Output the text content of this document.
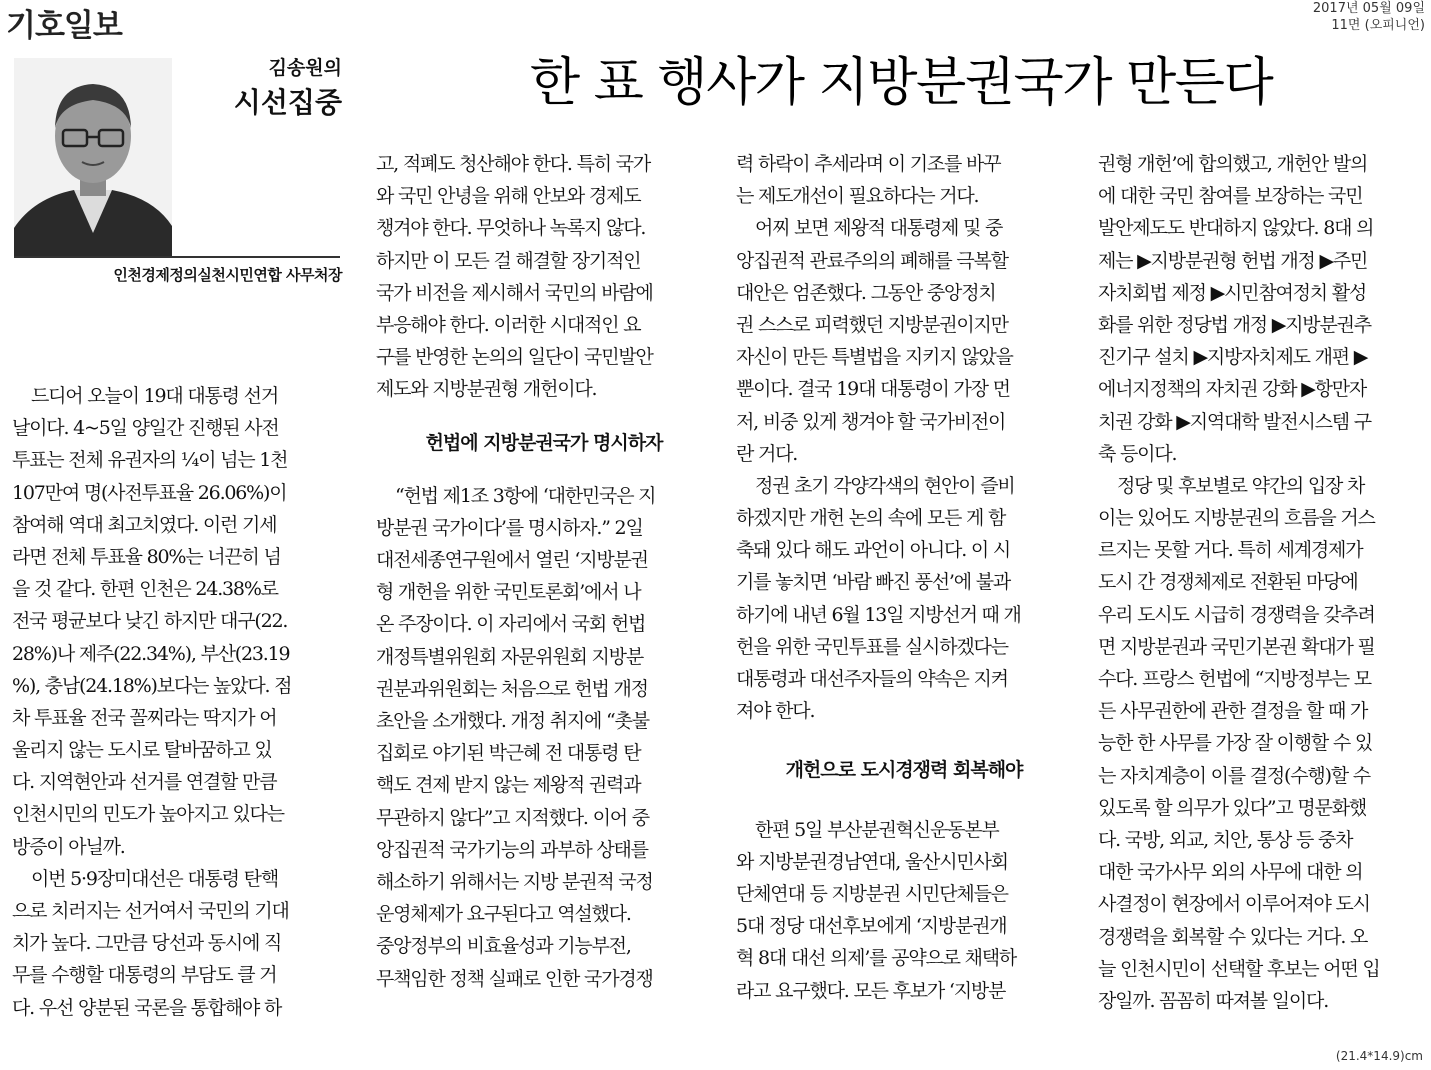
기호일보	2017년 05월 09일
11면 (오피니언)
김송원의
시선집중
인천경제정의실천시민연합 사무처장
한 표 행사가 지방분권국가 만든다
드디어 오늘이 19대 대통령 선거
날이다. 4~5일 양일간 진행된 사전
투표는 전체 유권자의 ¼이 넘는 1천
107만여 명(사전투표율 26.06%)이
참여해 역대 최고치였다. 이런 기세
라면 전체 투표율 80%는 너끈히 넘
을 것 같다. 한편 인천은 24.38%로
전국 평균보다 낮긴 하지만 대구(22.
28%)나 제주(22.34%), 부산(23.19
%), 충남(24.18%)보다는 높았다. 점
차 투표율 전국 꼴찌라는 딱지가 어
울리지 않는 도시로 탈바꿈하고 있
다. 지역현안과 선거를 연결할 만큼
인천시민의 민도가 높아지고 있다는
방증이 아닐까.
이번 5·9장미대선은 대통령 탄핵
으로 치러지는 선거여서 국민의 기대
치가 높다. 그만큼 당선과 동시에 직
무를 수행할 대통령의 부담도 클 거
다. 우선 양분된 국론을 통합해야 하
고, 적폐도 청산해야 한다. 특히 국가
와 국민 안녕을 위해 안보와 경제도
챙겨야 한다. 무엇하나 녹록지 않다.
하지만 이 모든 걸 해결할 장기적인
국가 비전을 제시해서 국민의 바람에
부응해야 한다. 이러한 시대적인 요
구를 반영한 논의의 일단이 국민발안
제도와 지방분권형 개헌이다.
헌법에 지방분권국가 명시하자
“헌법 제1조 3항에 ‘대한민국은 지
방분권 국가이다’를 명시하자.” 2일
대전세종연구원에서 열린 ‘지방분권
형 개헌을 위한 국민토론회’에서 나
온 주장이다. 이 자리에서 국회 헌법
개정특별위원회 자문위원회 지방분
권분과위원회는 처음으로 헌법 개정
초안을 소개했다. 개정 취지에 “촛불
집회로 야기된 박근혜 전 대통령 탄
핵도 견제 받지 않는 제왕적 권력과
무관하지 않다”고 지적했다. 이어 중
앙집권적 국가기능의 과부하 상태를
해소하기 위해서는 지방 분권적 국정
운영체제가 요구된다고 역설했다.
중앙정부의 비효율성과 기능부전,
무책임한 정책 실패로 인한 국가경쟁
력 하락이 추세라며 이 기조를 바꾸
는 제도개선이 필요하다는 거다.
어찌 보면 제왕적 대통령제 및 중
앙집권적 관료주의의 폐해를 극복할
대안은 엄존했다. 그동안 중앙정치
권 스스로 피력했던 지방분권이지만
자신이 만든 특별법을 지키지 않았을
뿐이다. 결국 19대 대통령이 가장 먼
저, 비중 있게 챙겨야 할 국가비전이
란 거다.
정권 초기 각양각색의 현안이 즐비
하겠지만 개헌 논의 속에 모든 게 함
축돼 있다 해도 과언이 아니다. 이 시
기를 놓치면 ‘바람 빠진 풍선’에 불과
하기에 내년 6월 13일 지방선거 때 개
헌을 위한 국민투표를 실시하겠다는
대통령과 대선주자들의 약속은 지켜
져야 한다.
개헌으로 도시경쟁력 회복해야
한편 5일 부산분권혁신운동본부
와 지방분권경남연대, 울산시민사회
단체연대 등 지방분권 시민단체들은
5대 정당 대선후보에게 ‘지방분권개
혁 8대 대선 의제’를 공약으로 채택하
라고 요구했다. 모든 후보가 ‘지방분
권형 개헌’에 합의했고, 개헌안 발의
에 대한 국민 참여를 보장하는 국민
발안제도도 반대하지 않았다. 8대 의
제는 ▶지방분권형 헌법 개정 ▶주민
자치회법 제정 ▶시민참여정치 활성
화를 위한 정당법 개정 ▶지방분권추
진기구 설치 ▶지방자치제도 개편 ▶
에너지정책의 자치권 강화 ▶항만자
치권 강화 ▶지역대학 발전시스템 구
축 등이다.
정당 및 후보별로 약간의 입장 차
이는 있어도 지방분권의 흐름을 거스
르지는 못할 거다. 특히 세계경제가
도시 간 경쟁체제로 전환된 마당에
우리 도시도 시급히 경쟁력을 갖추려
면 지방분권과 국민기본권 확대가 필
수다. 프랑스 헌법에 “지방정부는 모
든 사무권한에 관한 결정을 할 때 가
능한 한 사무를 가장 잘 이행할 수 있
는 자치계층이 이를 결정(수행)할 수
있도록 할 의무가 있다”고 명문화했
다. 국방, 외교, 치안, 통상 등 중차
대한 국가사무 외의 사무에 대한 의
사결정이 현장에서 이루어져야 도시
경쟁력을 회복할 수 있다는 거다. 오
늘 인천시민이 선택할 후보는 어떤 입
장일까. 꼼꼼히 따져볼 일이다.
(21.4*14.9)cm
